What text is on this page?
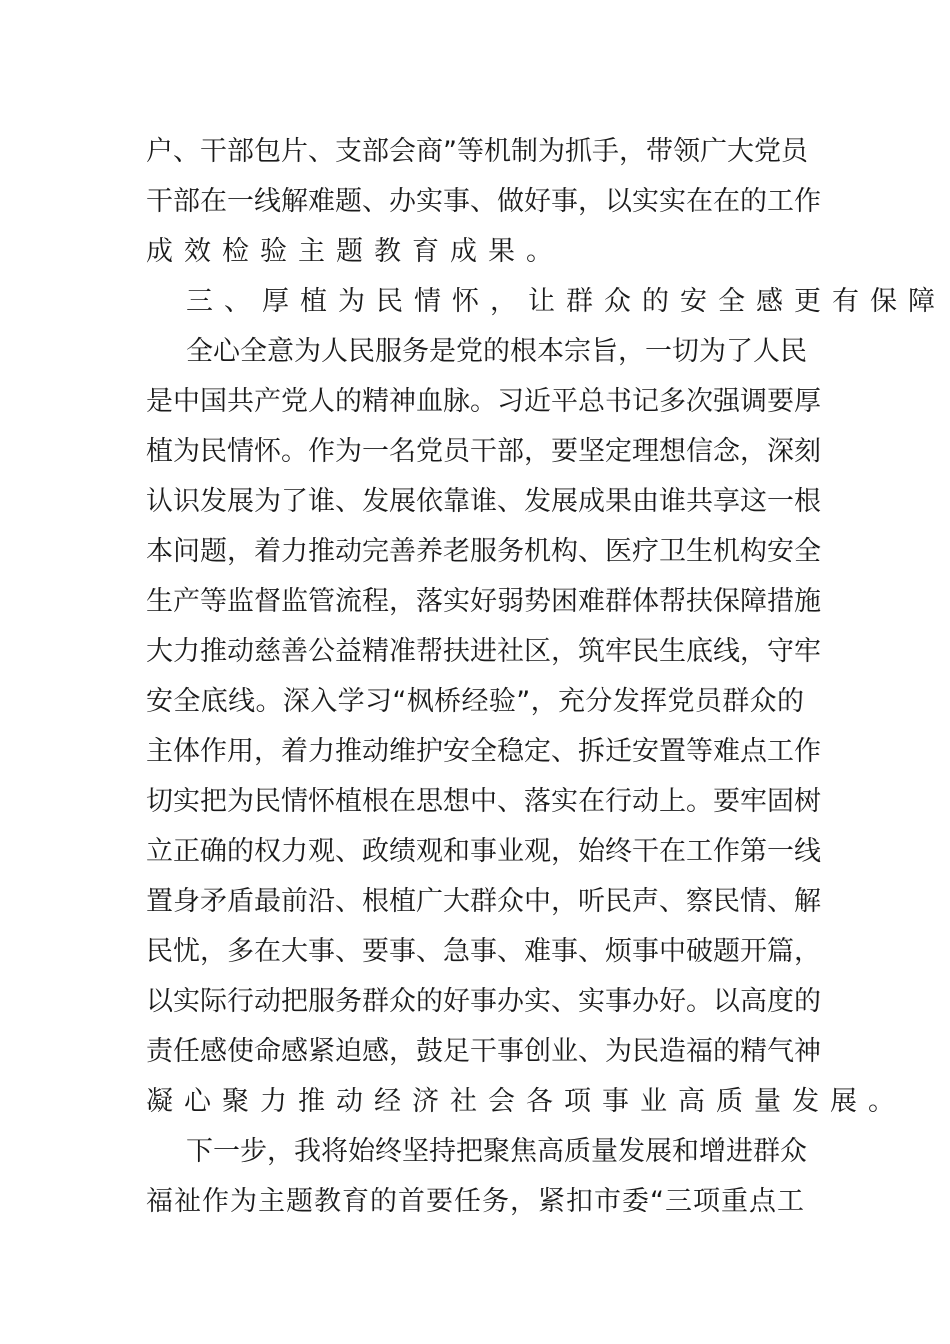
户、干部包片、支部会商”等机制为抓手，带领广大党员
干部在一线解难题、办实事、做好事，以实实在在的工作
成效检验主题教育成果。
三、厚植为民情怀，让群众的安全感更有保障
全心全意为人民服务是党的根本宗旨，一切为了人民
是中国共产党人的精神血脉。习近平总书记多次强调要厚
植为民情怀。作为一名党员干部，要坚定理想信念，深刻
认识发展为了谁、发展依靠谁、发展成果由谁共享这一根
本问题，着力推动完善养老服务机构、医疗卫生机构安全
生产等监督监管流程，落实好弱势困难群体帮扶保障措施
大力推动慈善公益精准帮扶进社区，筑牢民生底线，守牢
安全底线。深入学习“枫桥经验”，充分发挥党员群众的
主体作用，着力推动维护安全稳定、拆迁安置等难点工作
切实把为民情怀植根在思想中、落实在行动上。要牢固树
立正确的权力观、政绩观和事业观，始终干在工作第一线
置身矛盾最前沿、根植广大群众中，听民声、察民情、解
民忧，多在大事、要事、急事、难事、烦事中破题开篇，
以实际行动把服务群众的好事办实、实事办好。以高度的
责任感使命感紧迫感，鼓足干事创业、为民造福的精气神
凝心聚力推动经济社会各项事业高质量发展。
下一步，我将始终坚持把聚焦高质量发展和增进群众
福祉作为主题教育的首要任务，紧扣市委“三项重点工
